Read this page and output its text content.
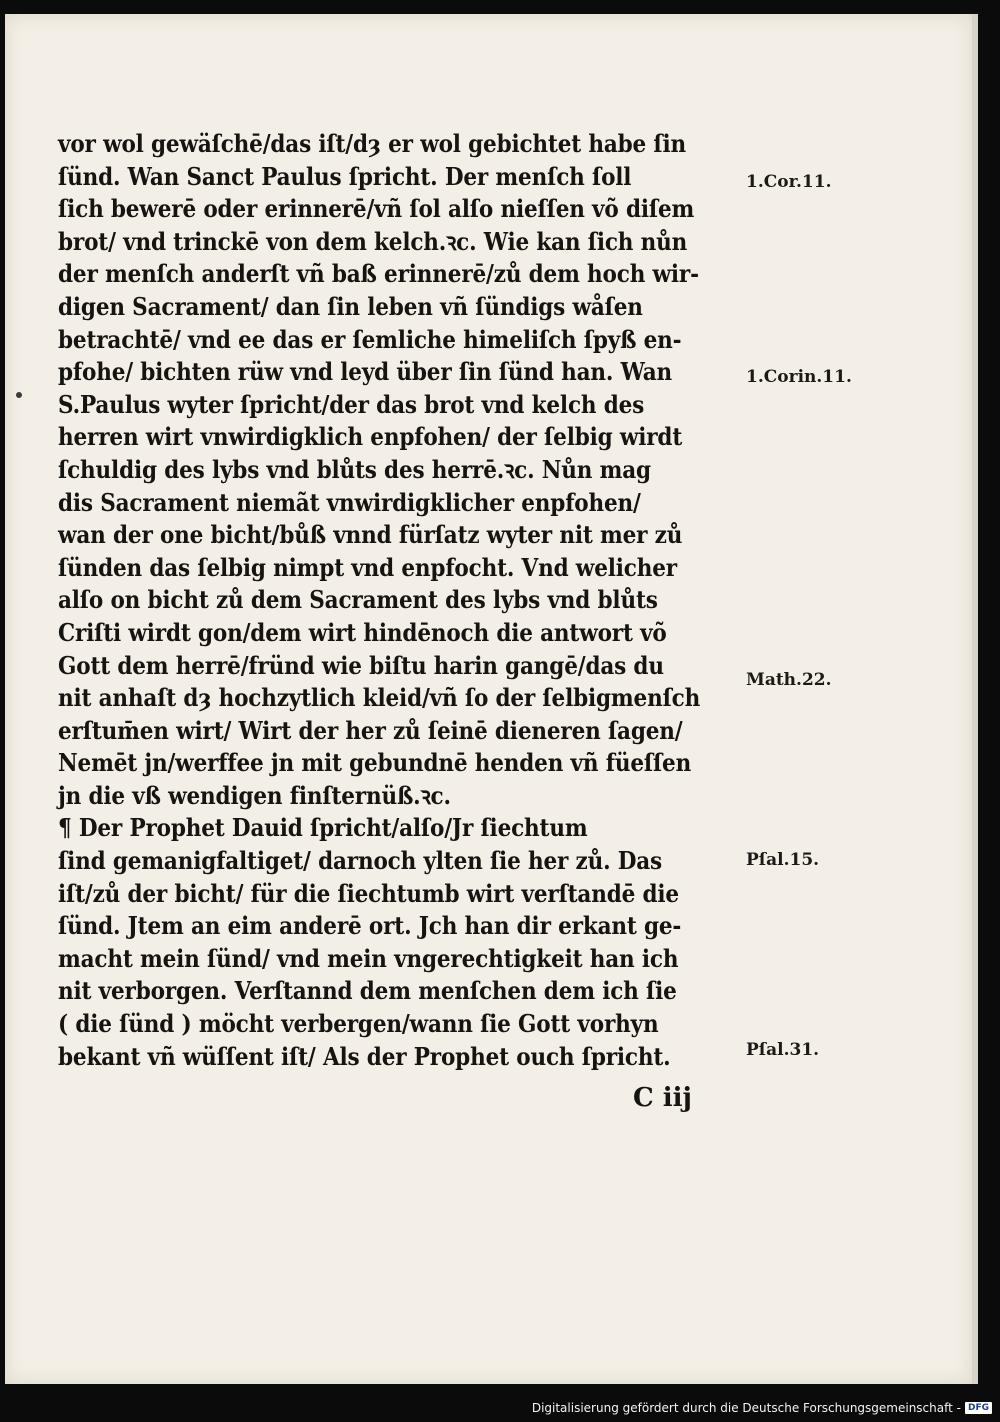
vor wol gewäſchē/das iſt/dȝ er wol gebichtet habe ſin
ſünd. Wan Sanct Paulus ſpricht. Der menſch ſoll
ſich bewerē oder erinnerē/vñ ſol alſo nieſſen võ diſem
brot/ vnd trinckē von dem kelch.ꝛc. Wie kan ſich nůn
der menſch anderſt vñ baß erinnerē/zů dem hoch wir-
digen Sacrament/ dan ſin leben vñ ſündigs wåſen
betrachtē/ vnd ee das er ſemliche himeliſch ſpyß en-
pfohe/ bichten rüw vnd leyd über ſin ſünd han. Wan
S.Paulus wyter ſpricht/der das brot vnd kelch des
herren wirt vnwirdigklich enpfohen/ der ſelbig wirdt
ſchuldig des lybs vnd blůts des herrē.ꝛc. Nůn mag
dis Sacrament niemãt vnwirdigklicher enpfohen/
wan der one bicht/bůß vnnd fürſatz wyter nit mer zů
ſünden das ſelbig nimpt vnd enpfocht. Vnd welicher
alſo on bicht zů dem Sacrament des lybs vnd blůts
Criſti wirdt gon/dem wirt hindēnoch die antwort võ
Gott dem herrē/fründ wie biſtu harin gangē/das du
nit anhaſt dȝ hochzytlich kleid/vñ ſo der ſelbigmenſch
erſtum̄en wirt/ Wirt der her zů ſeinē dieneren ſagen/
Nemēt jn/werffee jn mit gebundnē henden vñ füeſſen
jn die vß wendigen finſternüß.ꝛc.
¶ Der Prophet Dauid ſpricht/alſo/Jr ſiechtum
ſind gemanigfaltiget/ darnoch ylten ſie her zů. Das
iſt/zů der bicht/ für die ſiechtumb wirt verſtandē die
ſünd. Jtem an eim anderē ort. Jch han dir erkant ge-
macht mein ſünd/ vnd mein vngerechtigkeit han ich
nit verborgen. Verſtannd dem menſchen dem ich ſie
( die ſünd ) möcht verbergen/wann ſie Gott vorhyn
bekant vñ wüſſent iſt/ Als der Prophet ouch ſpricht.
1.Cor.11.
1.Corin.11.
Math.22.
Pſal.15.
Pſal.31.
C iij
Digitalisierung gefördert durch die Deutsche Forschungsgemeinschaft - DFG
